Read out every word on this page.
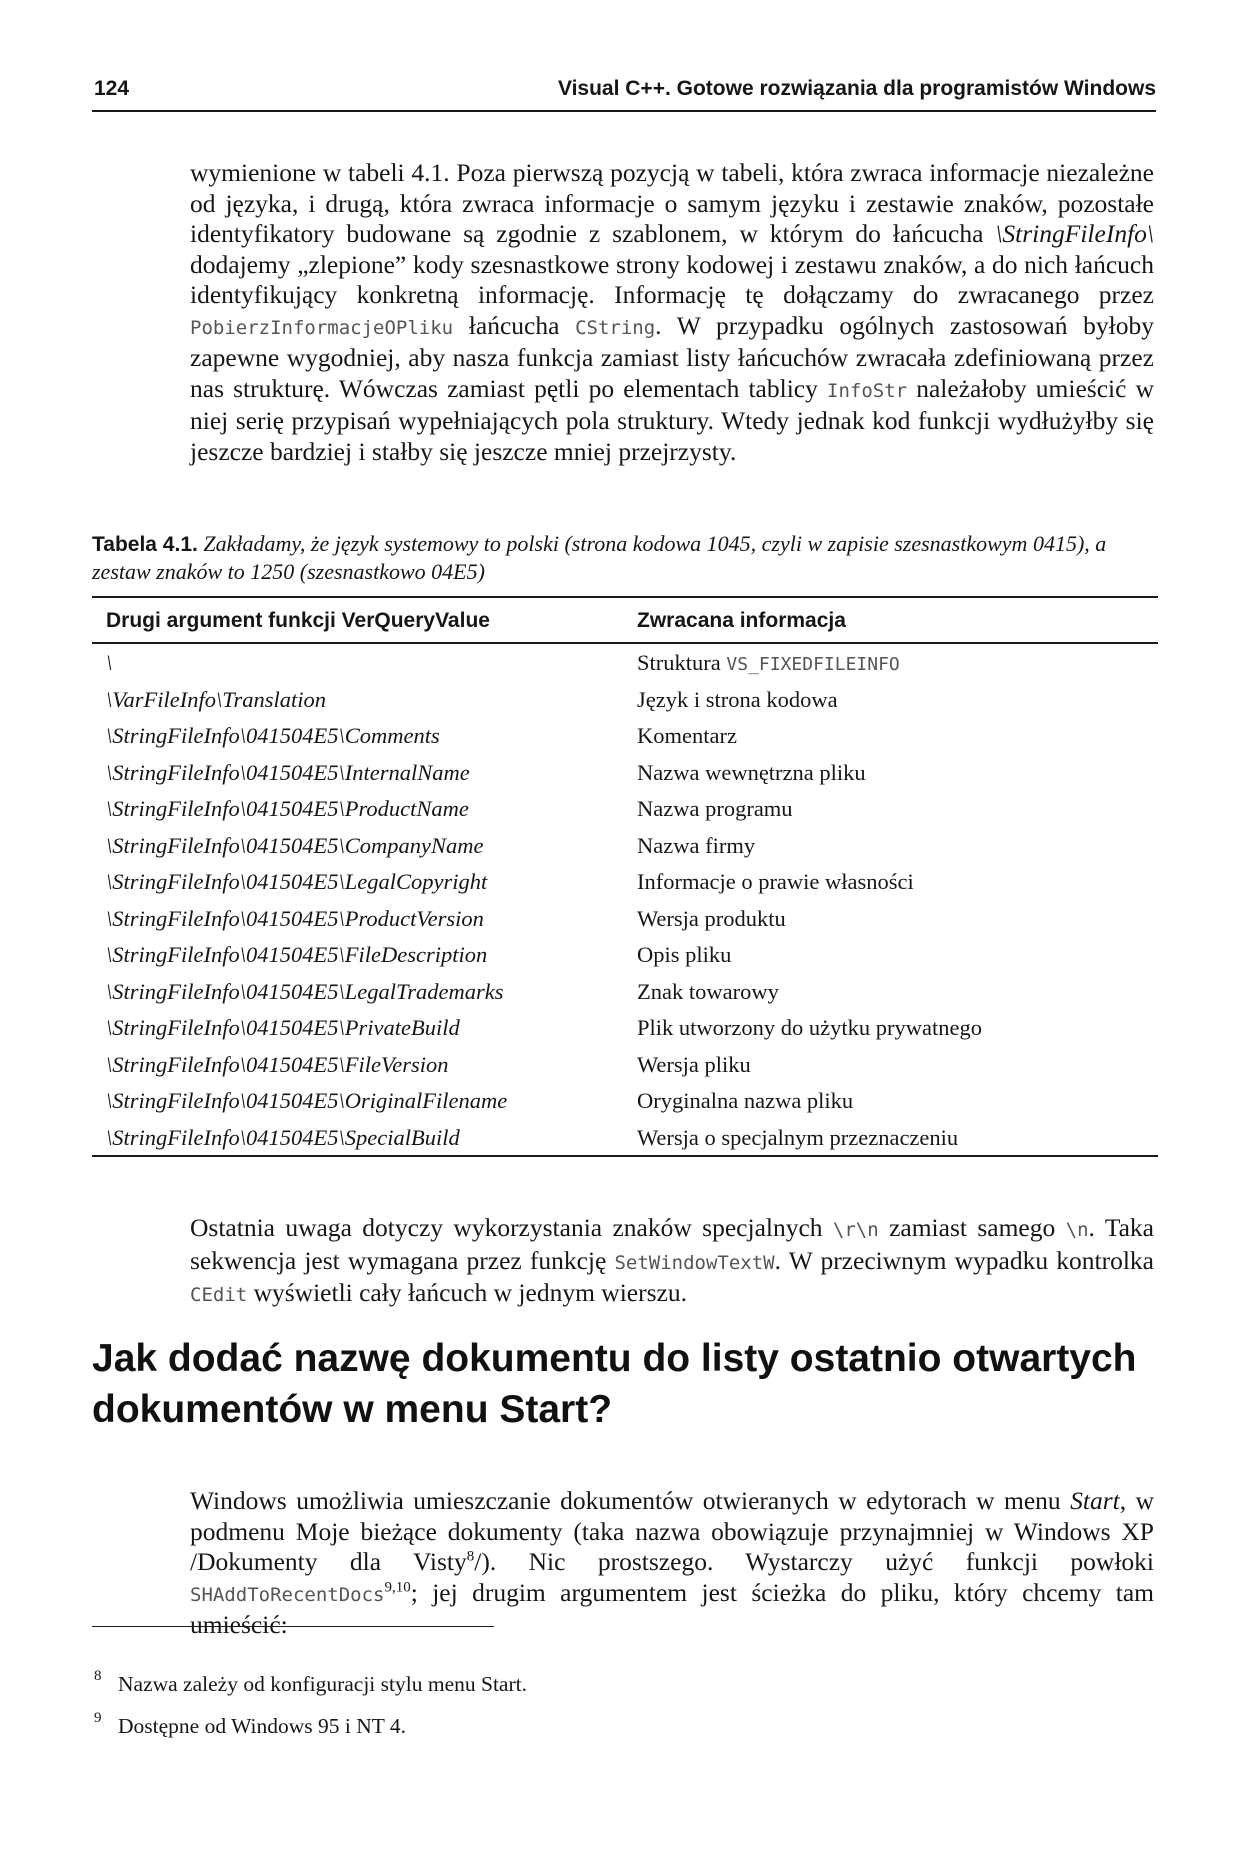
124	Visual C++. Gotowe rozwiązania dla programistów Windows

wymienione w tabeli 4.1. Poza pierwszą pozycją w tabeli, która zwraca informacje niezależne od języka, i drugą, która zwraca informacje o samym języku i zestawie znaków, pozostałe identyfikatory budowane są zgodnie z szablonem, w którym do łańcucha \StringFileInfo\ dodajemy „zlepione” kody szesnastkowe strony kodowej i zestawu znaków, a do nich łańcuch identyfikujący konkretną informację. Informację tę dołączamy do zwracanego przez PobierzInformacjeOPliku łańcucha CString. W przypadku ogólnych zastosowań byłoby zapewne wygodniej, aby nasza funkcja zamiast listy łańcuchów zwracała zdefiniowaną przez nas strukturę. Wówczas zamiast pętli po elementach tablicy InfoStr należałoby umieścić w niej serię przypisań wypełniających pola struktury. Wtedy jednak kod funkcji wydłużyłby się jeszcze bardziej i stałby się jeszcze mniej przejrzysty.

Tabela 4.1. Zakładamy, że język systemowy to polski (strona kodowa 1045, czyli w zapisie szesnastkowym 0415), a zestaw znaków to 1250 (szesnastkowo 04E5)

Drugi argument funkcji VerQueryValue	Zwracana informacja
\	Struktura VS_FIXEDFILEINFO
\VarFileInfo\Translation	Język i strona kodowa
\StringFileInfo\041504E5\Comments	Komentarz
\StringFileInfo\041504E5\InternalName	Nazwa wewnętrzna pliku
\StringFileInfo\041504E5\ProductName	Nazwa programu
\StringFileInfo\041504E5\CompanyName	Nazwa firmy
\StringFileInfo\041504E5\LegalCopyright	Informacje o prawie własności
\StringFileInfo\041504E5\ProductVersion	Wersja produktu
\StringFileInfo\041504E5\FileDescription	Opis pliku
\StringFileInfo\041504E5\LegalTrademarks	Znak towarowy
\StringFileInfo\041504E5\PrivateBuild	Plik utworzony do użytku prywatnego
\StringFileInfo\041504E5\FileVersion	Wersja pliku
\StringFileInfo\041504E5\OriginalFilename	Oryginalna nazwa pliku
\StringFileInfo\041504E5\SpecialBuild	Wersja o specjalnym przeznaczeniu

Ostatnia uwaga dotyczy wykorzystania znaków specjalnych \r\n zamiast samego \n. Taka sekwencja jest wymagana przez funkcję SetWindowTextW. W przeciwnym wypadku kontrolka CEdit wyświetli cały łańcuch w jednym wierszu.

Jak dodać nazwę dokumentu do listy ostatnio otwartych dokumentów w menu Start?

Windows umożliwia umieszczanie dokumentów otwieranych w edytorach w menu Start, w podmenu Moje bieżące dokumenty (taka nazwa obowiązuje przynajmniej w Windows XP /Dokumenty dla Visty$^8$/). Nic prostszego. Wystarczy użyć funkcji powłoki SHAddToRecentDocs$^{9,10}$; jej drugim argumentem jest ścieżka do pliku, który chcemy tam umieścić:

8 Nazwa zależy od konfiguracji stylu menu Start.
9 Dostępne od Windows 95 i NT 4.
